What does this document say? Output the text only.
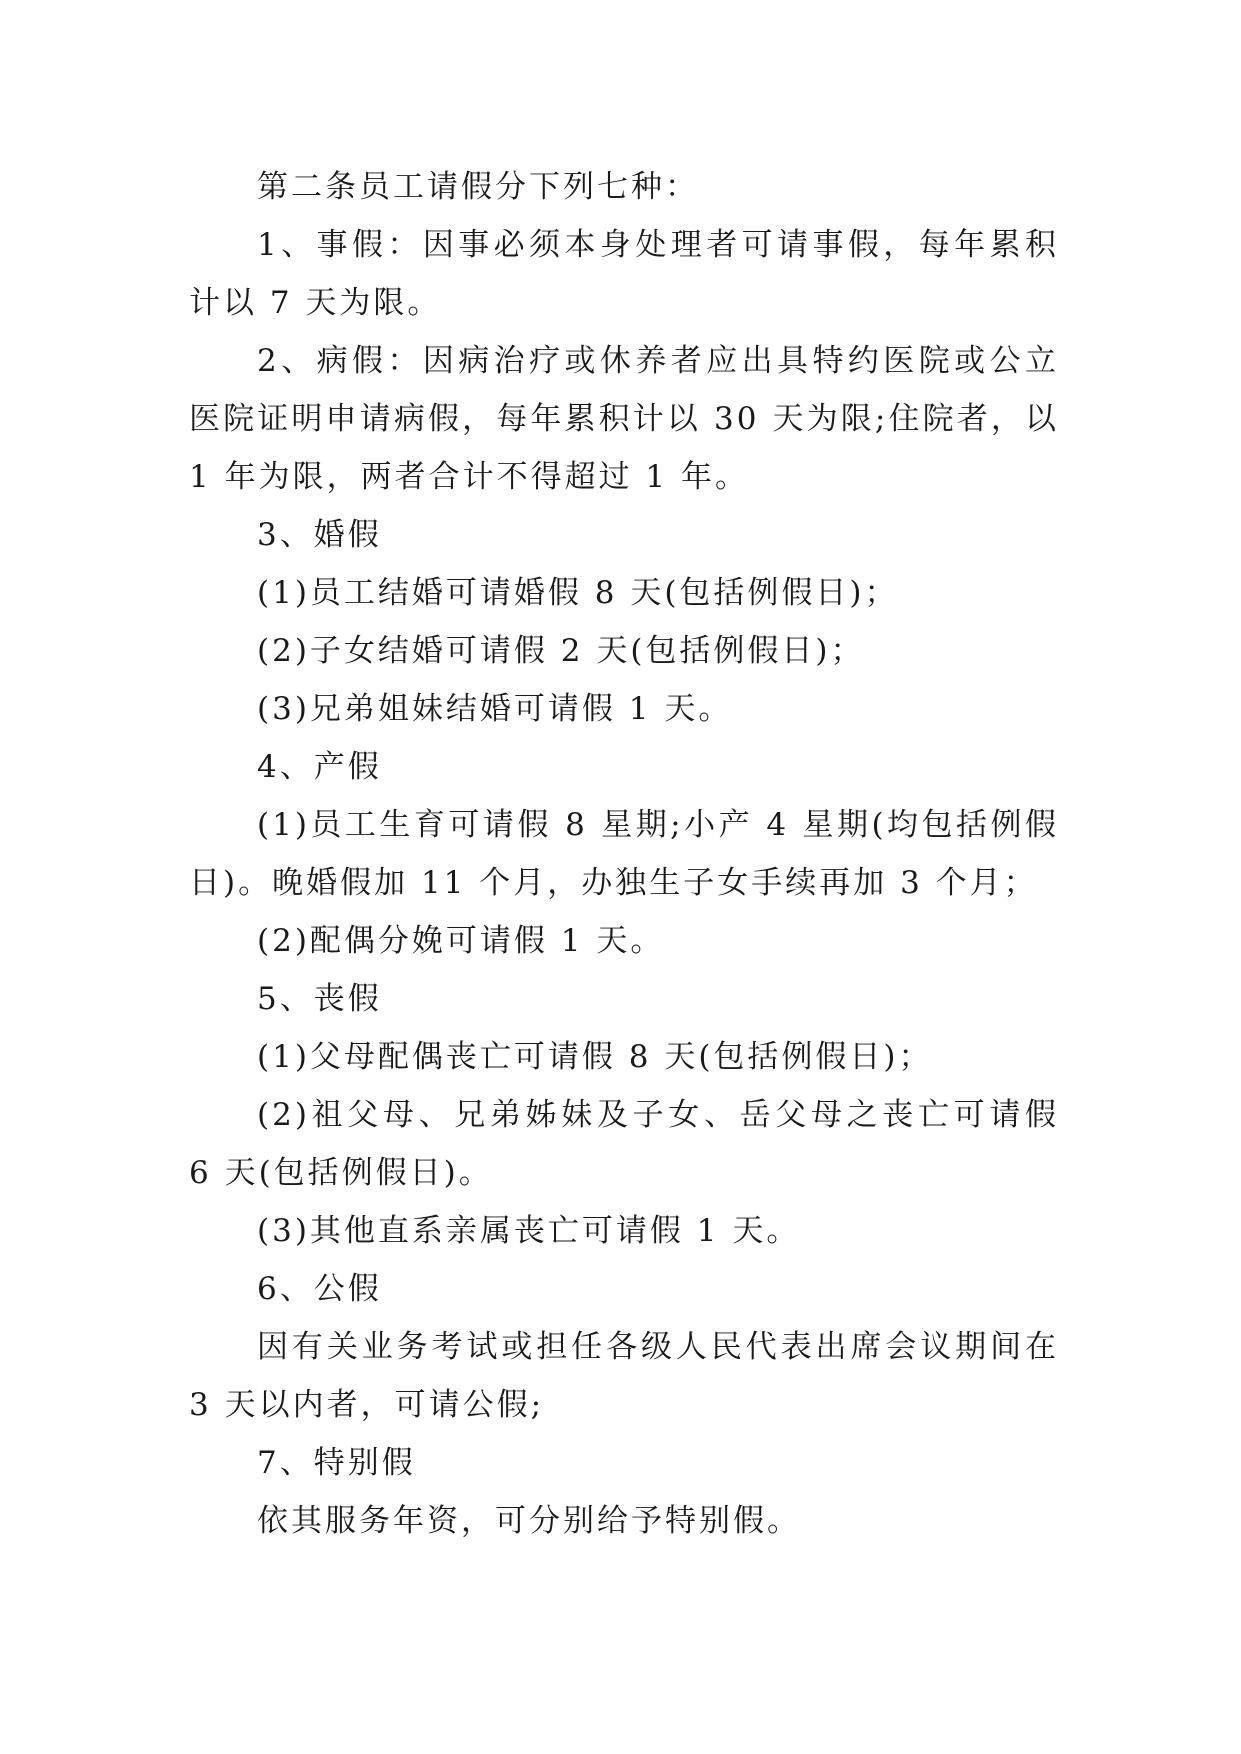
第二条员工请假分下列七种：

1、事假：因事必须本身处理者可请事假，每年累积计以 7 天为限。

2、病假：因病治疗或休养者应出具特约医院或公立医院证明申请病假，每年累积计以 30 天为限;住院者，以 1 年为限，两者合计不得超过 1 年。

3、婚假

(1)员工结婚可请婚假 8 天(包括例假日)；

(2)子女结婚可请假 2 天(包括例假日)；

(3)兄弟姐妹结婚可请假 1 天。

4、产假

(1)员工生育可请假 8 星期;小产 4 星期(均包括例假日)。晚婚假加 11 个月，办独生子女手续再加 3 个月；

(2)配偶分娩可请假 1 天。

5、丧假

(1)父母配偶丧亡可请假 8 天(包括例假日)；

(2)祖父母、兄弟姊妹及子女、岳父母之丧亡可请假 6 天(包括例假日)。

(3)其他直系亲属丧亡可请假 1 天。

6、公假

因有关业务考试或担任各级人民代表出席会议期间在 3 天以内者，可请公假;

7、特别假

依其服务年资，可分别给予特别假。
